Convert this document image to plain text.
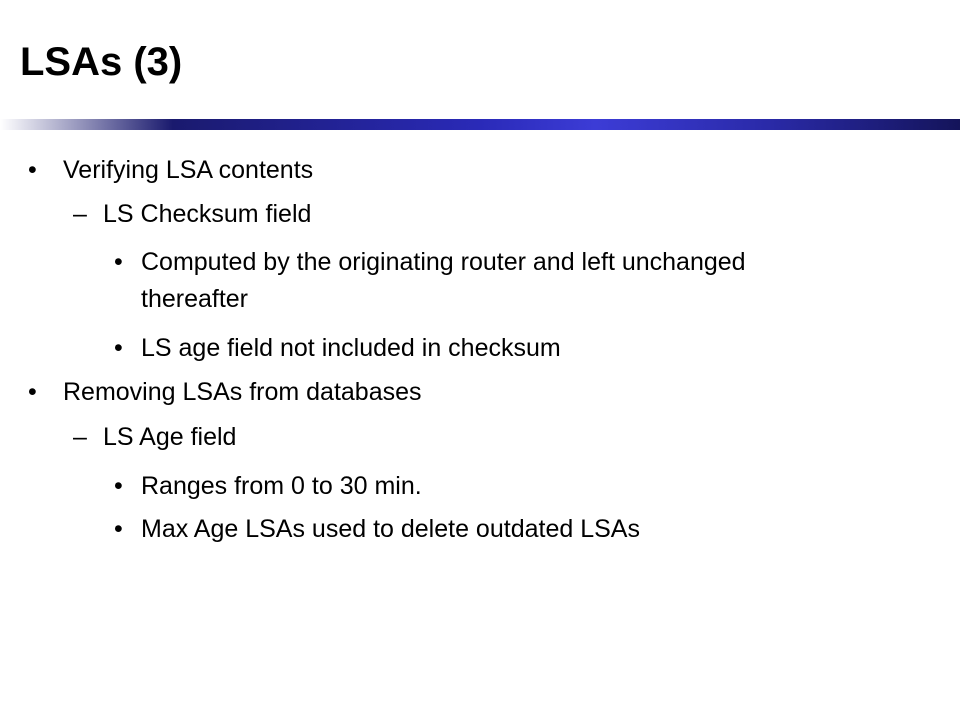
LSAs (3)
• Verifying LSA contents
– LS Checksum field
• Computed by the originating router and left unchanged
thereafter
• LS age field not included in checksum
• Removing LSAs from databases
– LS Age field
• Ranges from 0 to 30 min.
• Max Age LSAs used to delete outdated LSAs
